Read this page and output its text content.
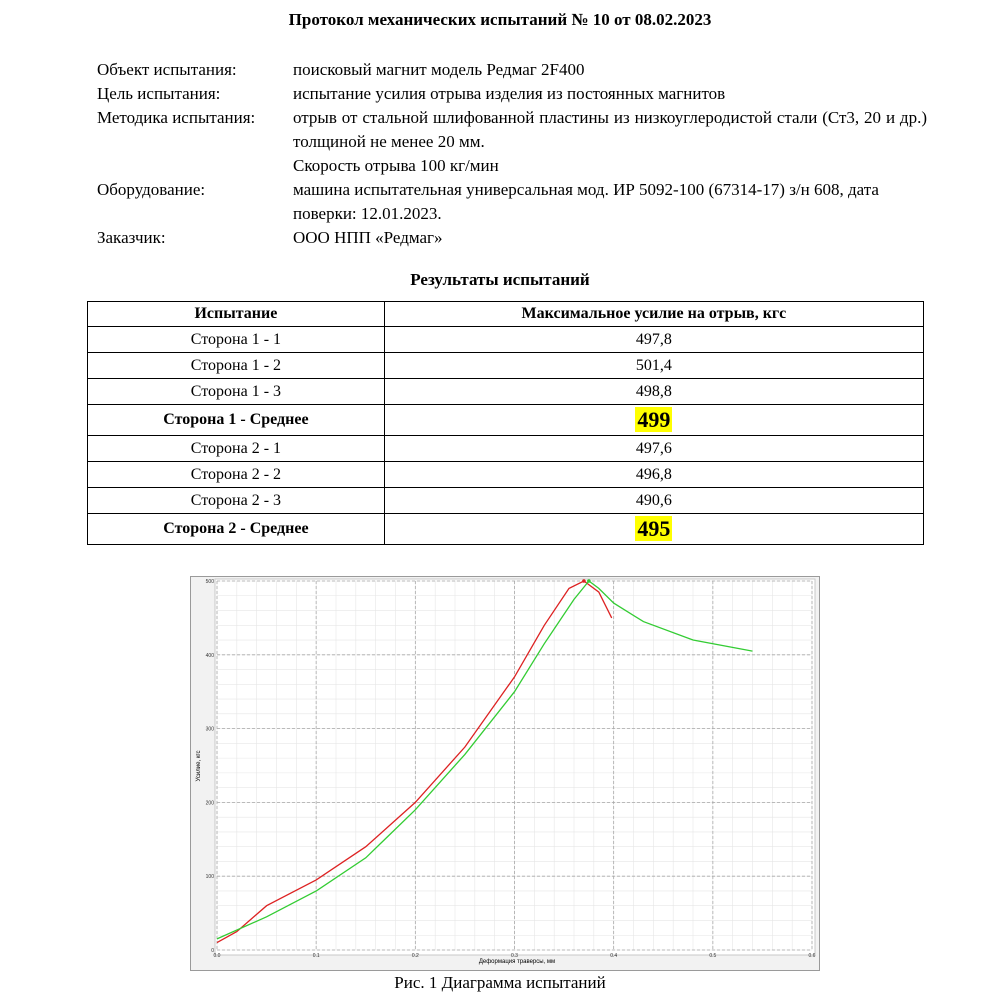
Протокол механических испытаний № 10 от 08.02.2023
Объект испытания:	поисковый магнит модель Редмаг 2F400
Цель испытания:	испытание усилия отрыва изделия из постоянных магнитов
Методика испытания: отрыв от стальной шлифованной пластины из низкоуглеродистой стали (Ст3, 20 и др.) толщиной не менее 20 мм.
Скорость отрыва 100 кг/мин
Оборудование:	машина испытательная универсальная мод. ИР 5092-100 (67314-17) з/н 608, дата поверки: 12.01.2023.
Заказчик:	ООО НПП «Редмаг»
Результаты испытаний
Испытание	Максимальное усилие на отрыв, кгс
Сторона 1 - 1	497,8
Сторона 1 - 2	501,4
Сторона 1 - 3	498,8
Сторона 1 - Среднее	499
Сторона 2 - 1	497,6
Сторона 2 - 2	496,8
Сторона 2 - 3	490,6
Сторона 2 - Среднее	495
0.0	0.1	0.2	0.3	0.4	0.5	0.6
0
100
200
300
400
500
Усилие, кгс
Деформация траверсы, мм
Рис. 1 Диаграмма испытаний
